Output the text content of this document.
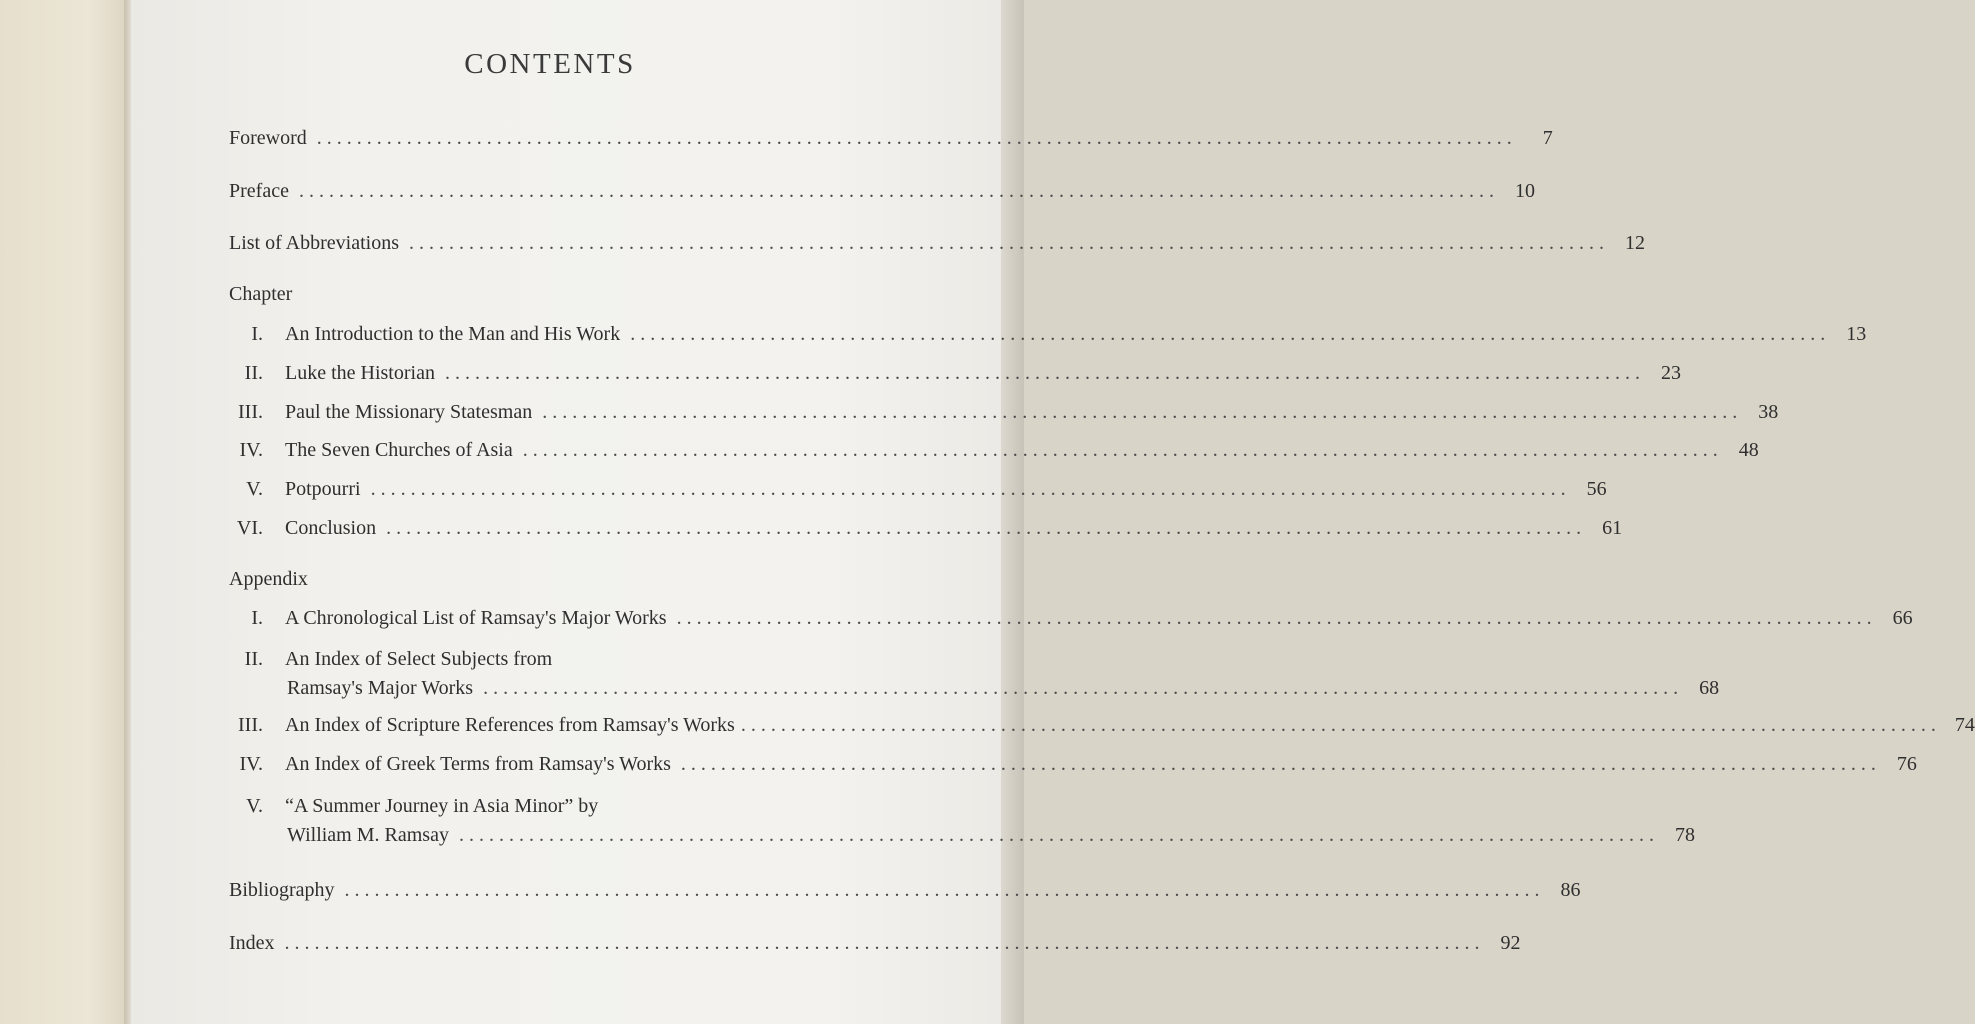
CONTENTS
Foreword ........................................................................................................................	7
Preface ........................................................................................................................ 10
List of Abbreviations ........................................................................................................................ 12
Chapter
I. An Introduction to the Man and His Work ........................................................................................................................ 13
II. Luke the Historian ........................................................................................................................ 23
III. Paul the Missionary Statesman ........................................................................................................................ 38
IV. The Seven Churches of Asia ........................................................................................................................ 48
V. Potpourri ........................................................................................................................ 56
VI. Conclusion ........................................................................................................................ 61
Appendix
I. A Chronological List of Ramsay's Major Works ........................................................................................................................ 66
II. An Index of Select Subjects from
Ramsay's Major Works ........................................................................................................................ 68
III. An Index of Scripture References from Ramsay's Works ........................................................................................................................ 74
IV. An Index of Greek Terms from Ramsay's Works ........................................................................................................................ 76
V. “A Summer Journey in Asia Minor” by
William M. Ramsay ........................................................................................................................ 78
Bibliography ........................................................................................................................ 86
Index ........................................................................................................................ 92
